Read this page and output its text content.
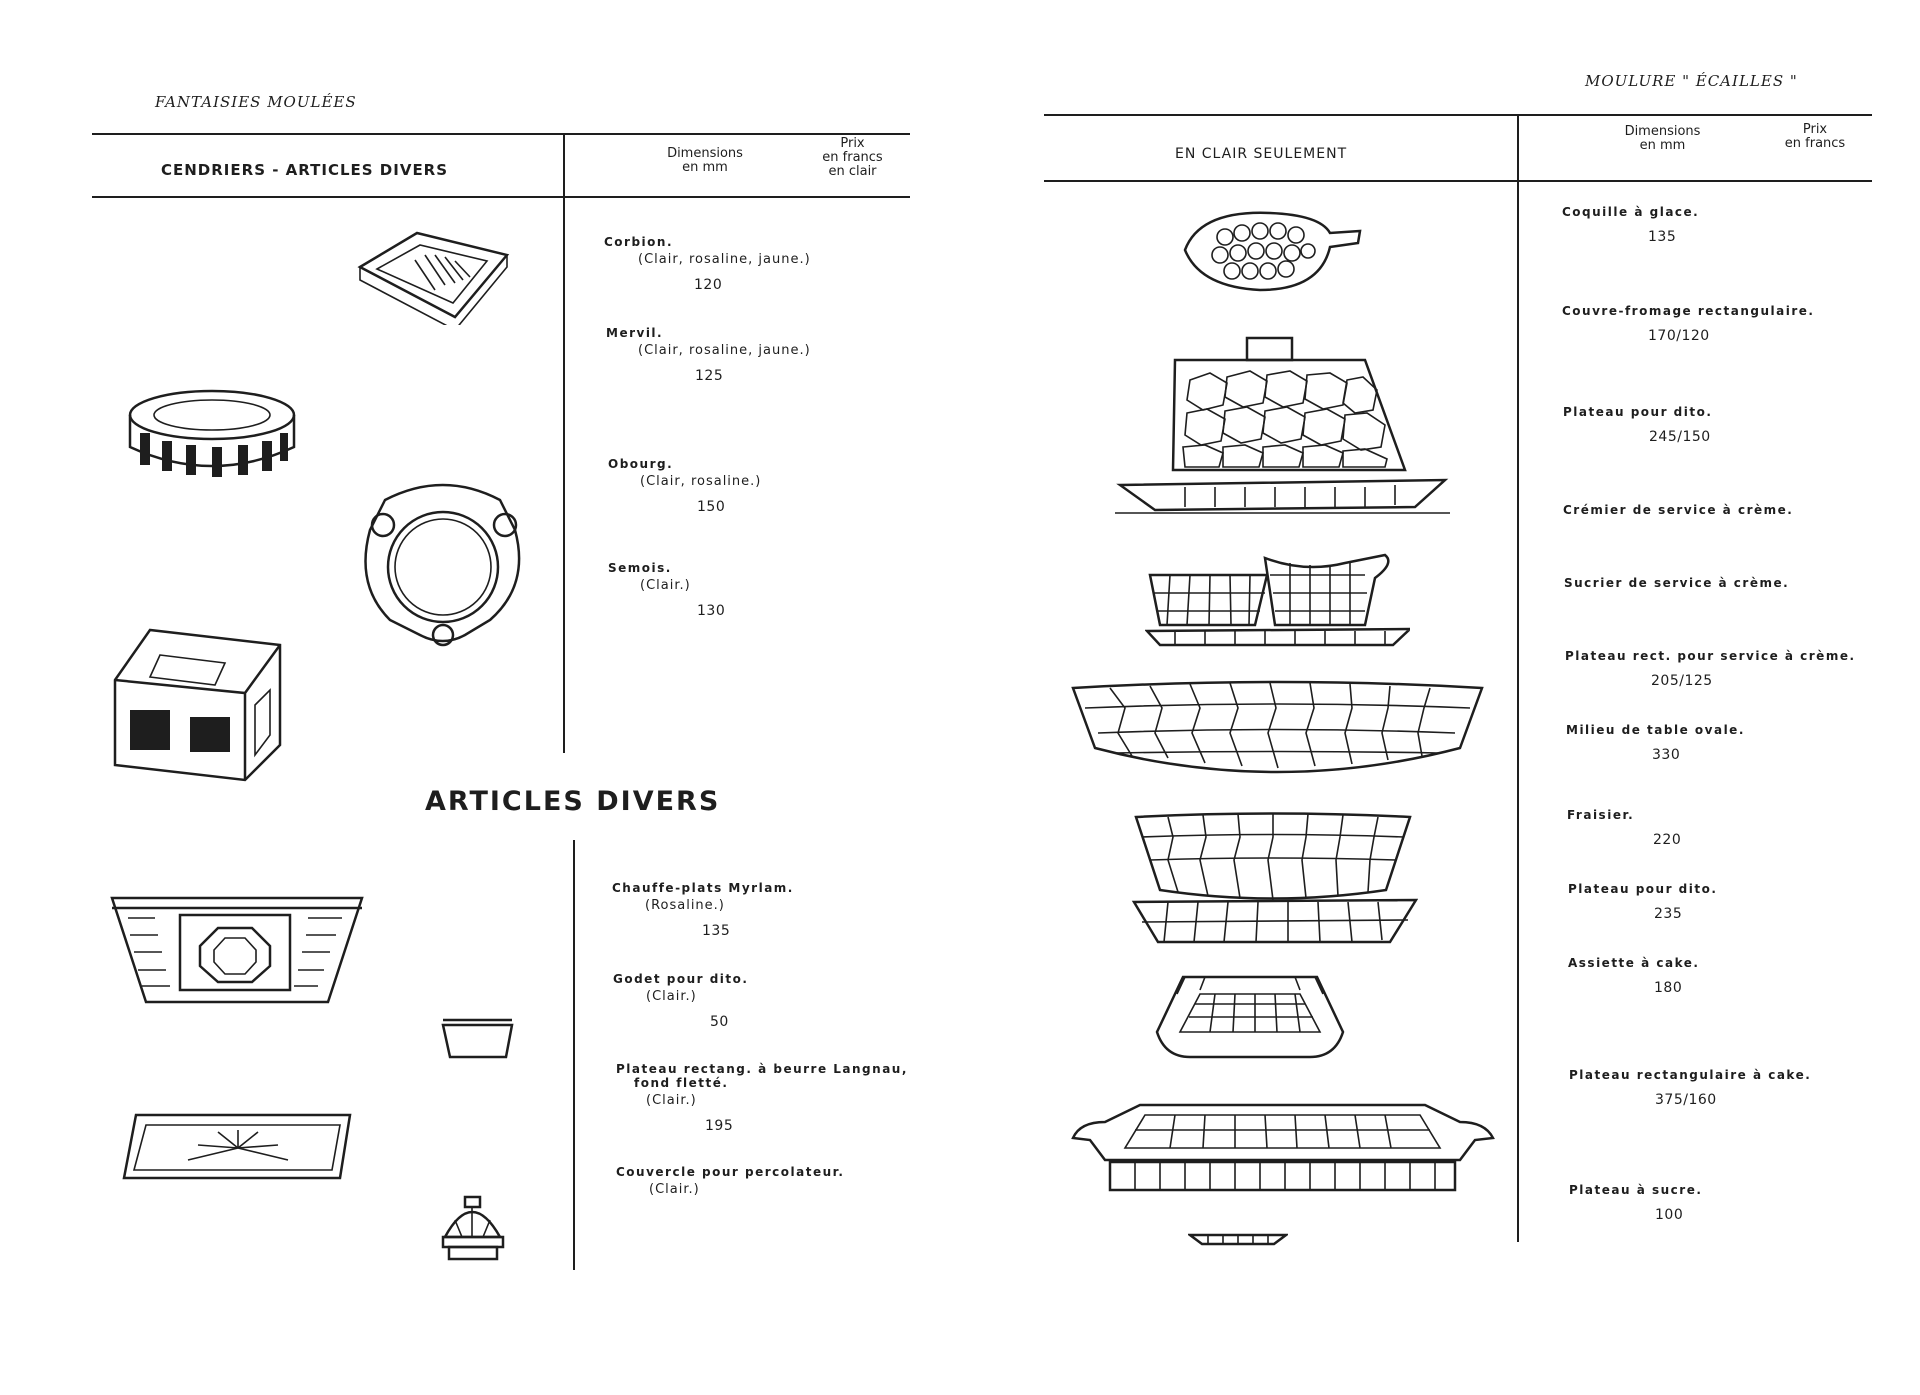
FANTAISIES MOULÉES
CENDRIERS - ARTICLES DIVERS
Dimensions
en mm
Prix
en francs
en clair
Corbion.
(Clair, rosaline, jaune.)
120
Mervil.
(Clair, rosaline, jaune.)
125
Obourg.
(Clair, rosaline.)
150
Semois.
(Clair.)
130
ARTICLES DIVERS
Chauffe-plats Myrlam.
(Rosaline.)
135
Godet pour dito.
(Clair.)
50
Plateau rectang. à beurre Langnau,
fond fletté.
(Clair.)
195
Couvercle pour percolateur.
(Clair.)
MOULURE " ÉCAILLES "
EN CLAIR SEULEMENT
Dimensions
en mm
Prix
en francs
Coquille à glace.
135
Couvre-fromage rectangulaire.
170/120
Plateau pour dito.
245/150
Crémier de service à crème.
Sucrier de service à crème.
Plateau rect. pour service à crème.
205/125
Milieu de table ovale.
330
Fraisier.
220
Plateau pour dito.
235
Assiette à cake.
180
Plateau rectangulaire à cake.
375/160
Plateau à sucre.
100
